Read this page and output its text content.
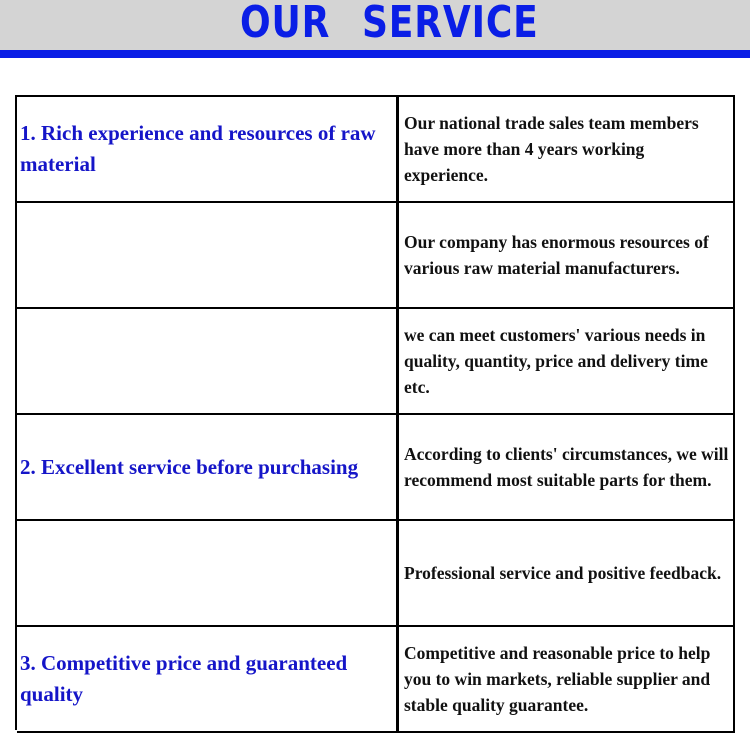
OUR SERVICE
1. Rich experience and resources of raw material
Our national trade sales team members have more than 4 years working experience.
Our company has enormous resources of various raw material manufacturers.
we can meet customers' various needs in quality, quantity, price and delivery time etc.
2. Excellent service before purchasing
According to clients' circumstances, we will recommend most suitable parts for them.
Professional service and positive feedback.
3. Competitive price and guaranteed quality
Competitive and reasonable price to help you to win markets, reliable supplier and stable quality guarantee.
